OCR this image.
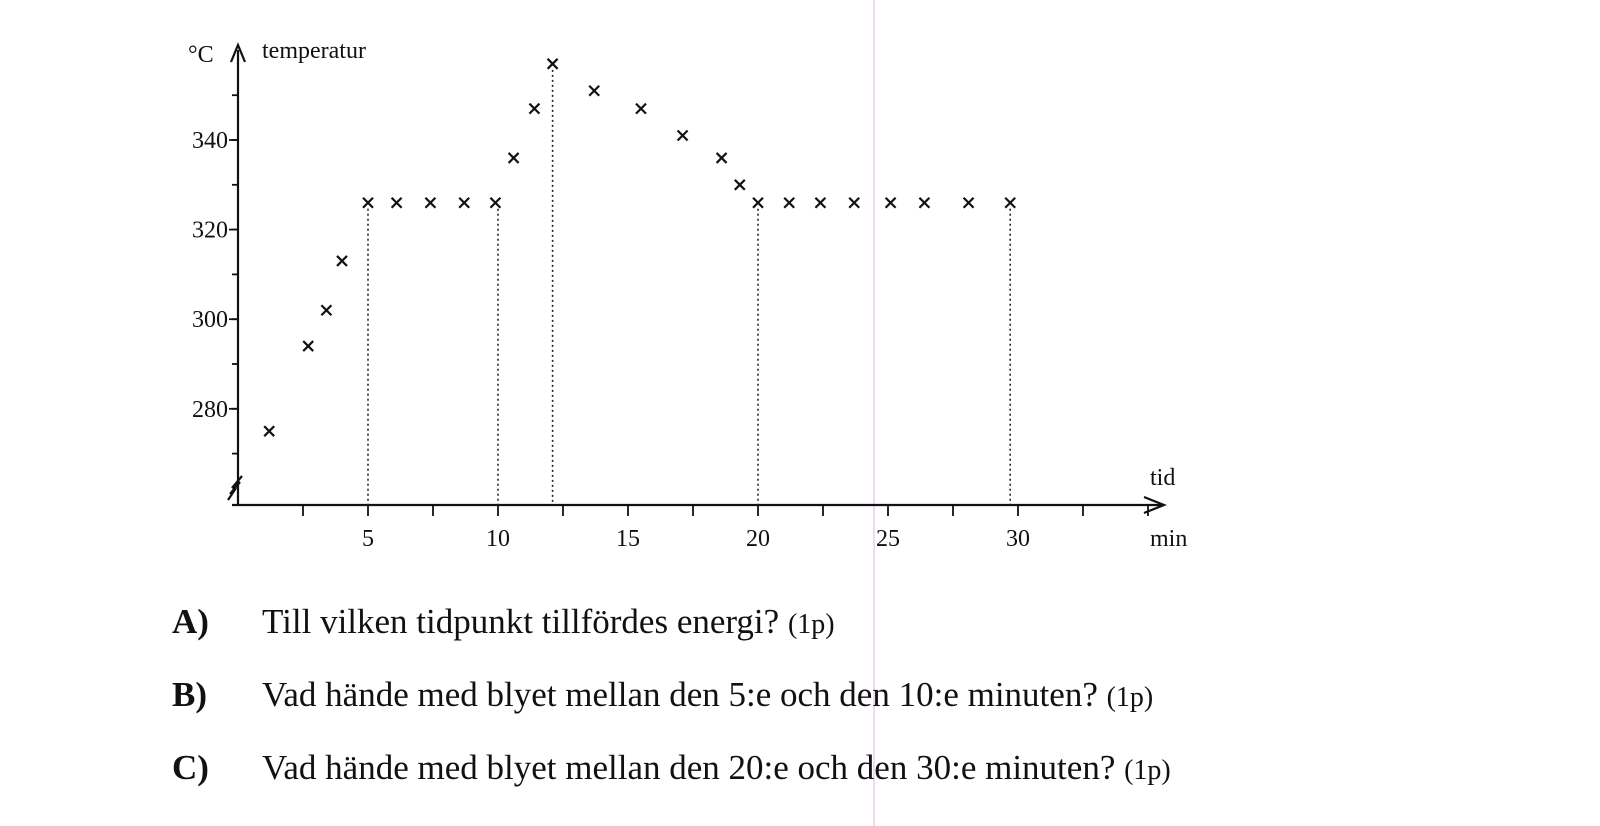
5	10	15	20	25	30
280
300
320
340
°C temperatur
tid
min
A) Till vilken tidpunkt tillfördes energi? (1p)
B) Vad hände med blyet mellan den 5:e och den 10:e minuten? (1p)
C) Vad hände med blyet mellan den 20:e och den 30:e minuten? (1p)
